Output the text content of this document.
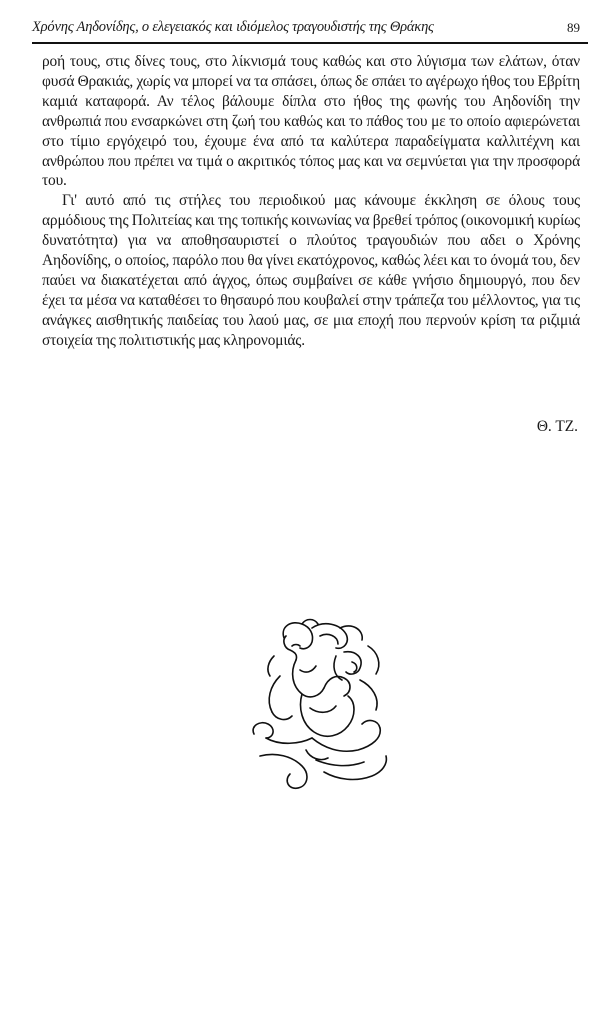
Χρόνης Αηδονίδης, ο ελεγειακός και ιδιόμελος τραγουδιστής της Θράκης	89

ροή τους, στις δίνες τους, στο λίκνισμά τους καθώς και στο λύγισμα των ελάτων, όταν φυσά Θρακιάς, χωρίς να μπορεί να τα σπάσει, όπως δε σπάει το αγέρωχο ήθος του Εβρίτη καμιά καταφορά. Αν τέλος βάλουμε δίπλα στο ήθος της φωνής του Αηδονίδη την ανθρωπιά που ενσαρκώνει στη ζωή του καθώς και το πάθος του με το οποίο αφιερώνεται στο τίμιο εργόχειρό του, έχουμε ένα από τα καλύτερα παραδείγματα καλλιτέχνη και ανθρώπου που πρέπει να τιμά ο ακριτικός τόπος μας και να σεμνύεται για την προσφορά του.

Γι' αυτό από τις στήλες του περιοδικού μας κάνουμε έκκληση σε όλους τους αρμόδιους της Πολιτείας και της τοπικής κοινωνίας να βρεθεί τρόπος (οικονομική κυρίως δυνατότητα) για να αποθησαυριστεί ο πλούτος τραγουδιών που αδει ο Χρόνης Αηδονίδης, ο οποίος, παρόλο που θα γίνει εκατόχρονος, καθώς λέει και το όνομά του, δεν παύει να διακατέχεται από άγχος, όπως συμβαίνει σε κάθε γνήσιο δημιουργό, που δεν έχει τα μέσα να καταθέσει το θησαυρό που κουβαλεί στην τράπεζα του μέλλοντος, για τις ανάγκες αισθητικής παιδείας του λαού μας, σε μια εποχή που περνούν κρίση τα ριζιμιά στοιχεία της πολιτιστικής μας κληρονομιάς.

Θ. ΤΖ.
